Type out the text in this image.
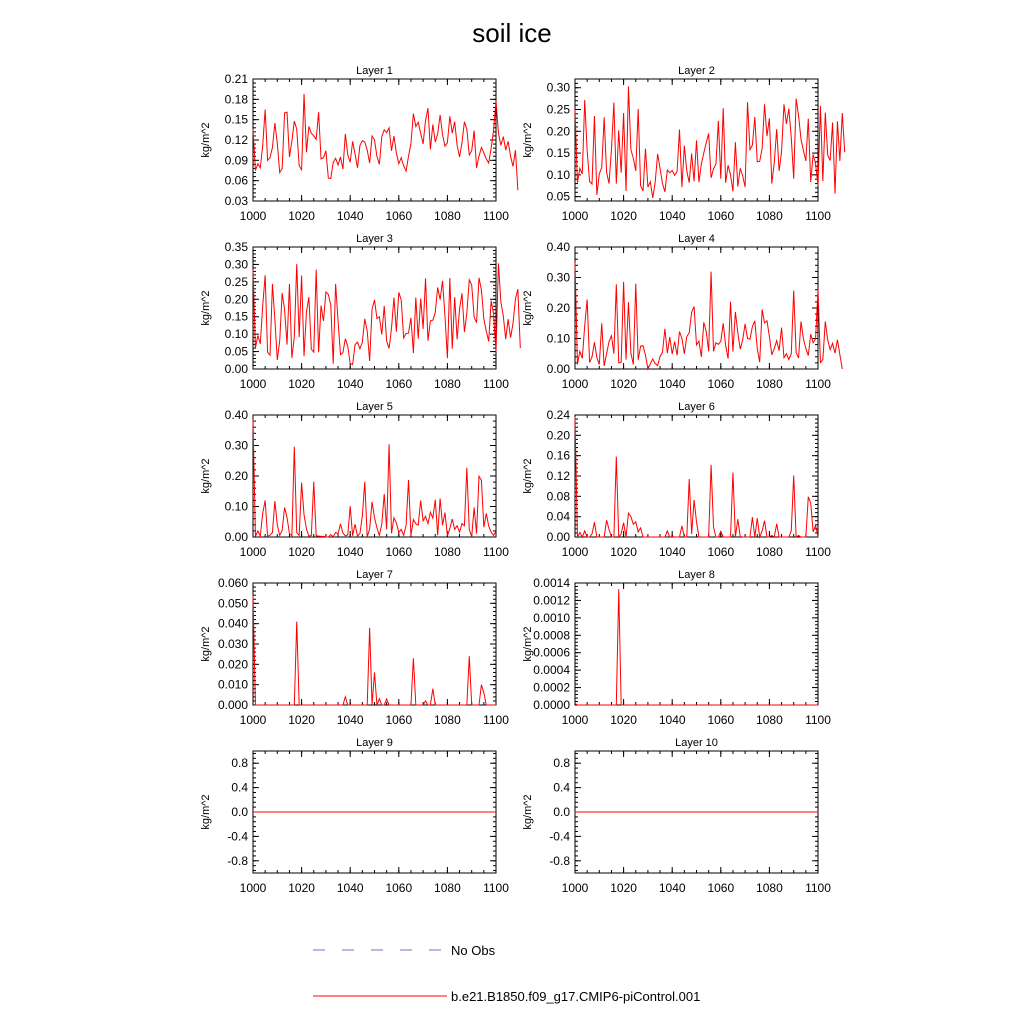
soil ice
Layer 1
kg/m^2
1000 1020 1040 1060 1080 1100
0.03
0.06
0.09
0.12
0.15
0.18
0.21
Layer 2
kg/m^2
1000 1020 1040 1060 1080 1100
0.05
0.10
0.15
0.20
0.25
0.30
Layer 3
kg/m^2
1000 1020 1040 1060 1080 1100
0.00
0.05
0.10
0.15
0.20
0.25
0.30
0.35
Layer 4
kg/m^2
1000 1020 1040 1060 1080 1100
0.00
0.10
0.20
0.30
0.40
Layer 5
kg/m^2
1000 1020 1040 1060 1080 1100
0.00
0.10
0.20
0.30
0.40
Layer 6
kg/m^2
1000 1020 1040 1060 1080 1100
0.00
0.04
0.08
0.12
0.16
0.20
0.24
Layer 7
kg/m^2
1000 1020 1040 1060 1080 1100
0.000
0.010
0.020
0.030
0.040
0.050
0.060
Layer 8
kg/m^2
1000 1020 1040 1060 1080 1100
0.0000
0.0002
0.0004
0.0006
0.0008
0.0010
0.0012
0.0014
Layer 9
kg/m^2
1000 1020 1040 1060 1080 1100
-0.8
-0.4
0.0
0.4
0.8
Layer 10
kg/m^2
1000 1020 1040 1060 1080 1100
-0.8
-0.4
0.0
0.4
0.8
No Obs
b.e21.B1850.f09_g17.CMIP6-piControl.001
